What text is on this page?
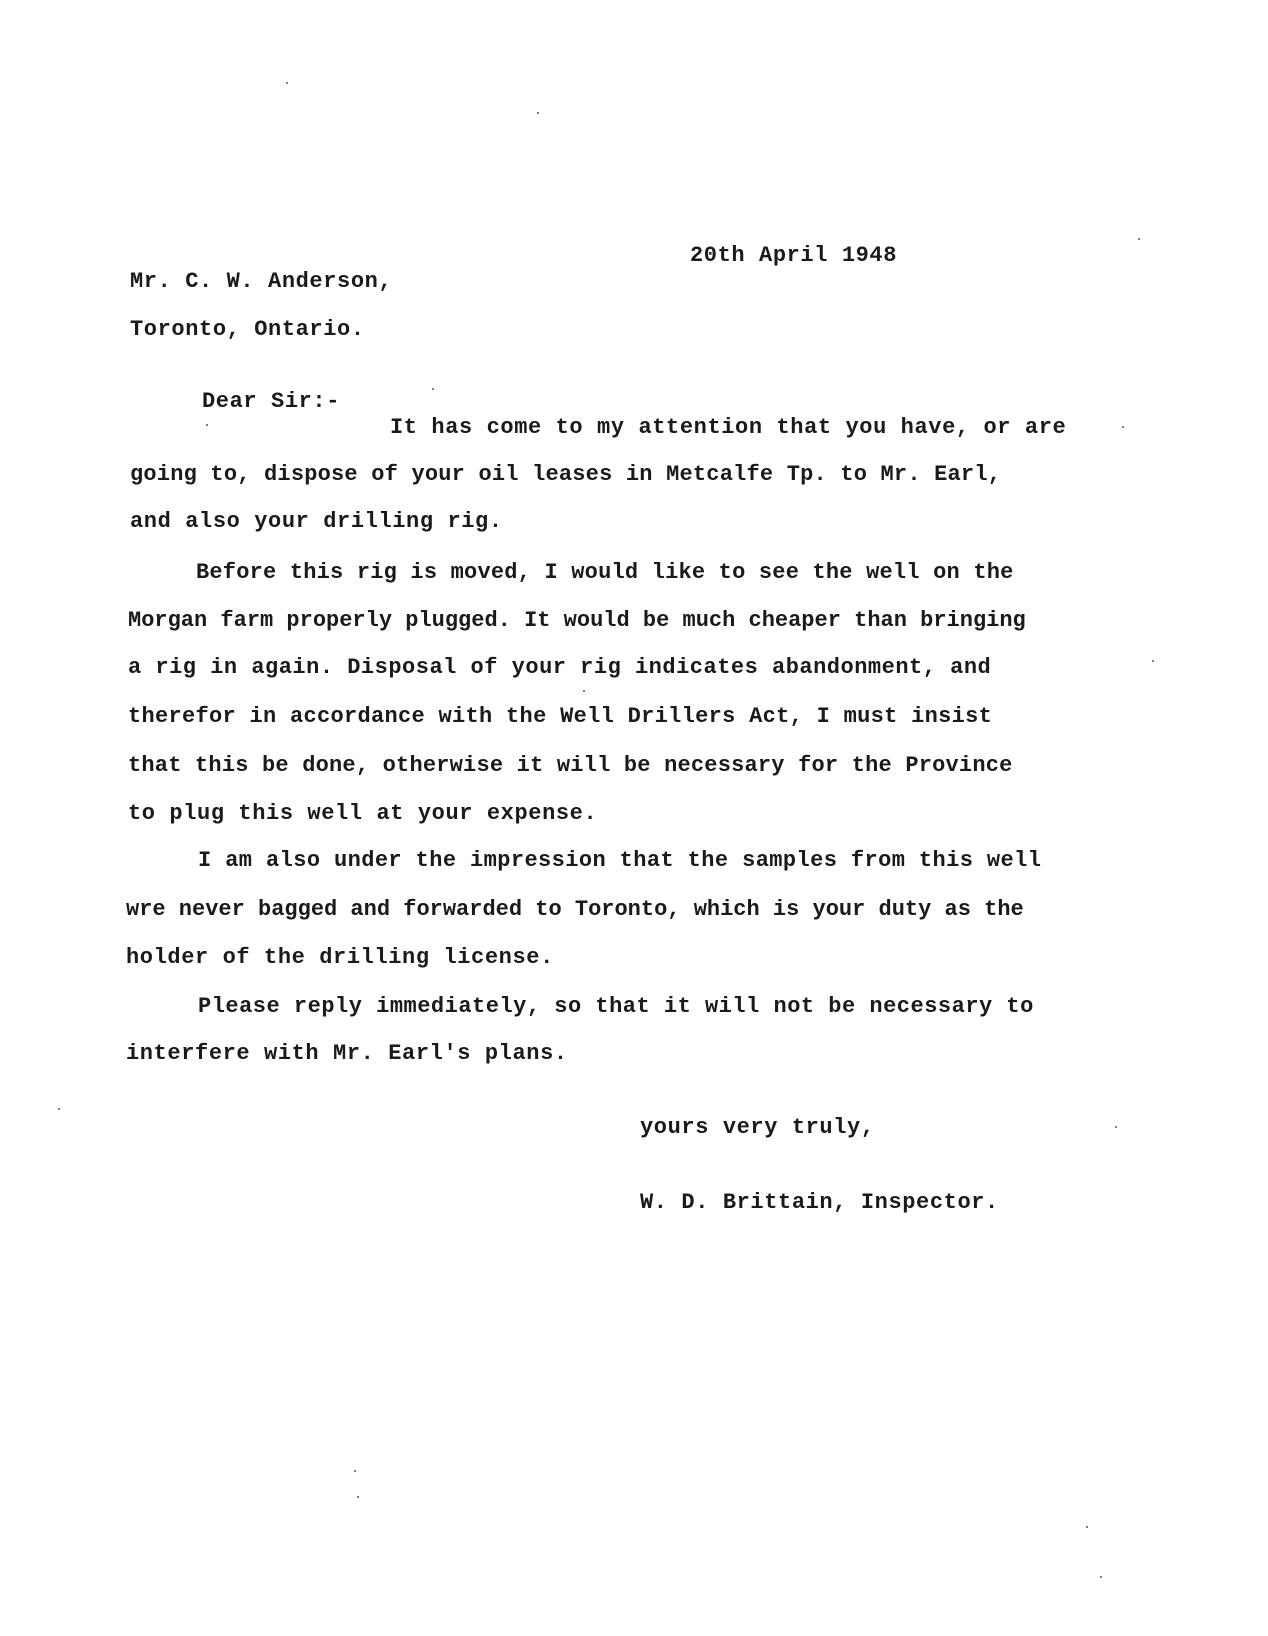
20th April 1948
Mr. C. W. Anderson,
Toronto, Ontario.
Dear Sir:-
It has come to my attention that you have, or are
going to, dispose of your oil leases in Metcalfe Tp. to Mr. Earl,
and also your drilling rig.
Before this rig is moved, I would like to see the well on the
Morgan farm properly plugged. It would be much cheaper than bringing
a rig in again. Disposal of your rig indicates abandonment, and
therefor in accordance with the Well Drillers Act, I must insist
that this be done, otherwise it will be necessary for the Province
to plug this well at your expense.
I am also under the impression that the samples from this well
wre never bagged and forwarded to Toronto, which is your duty as the
holder of the drilling license.
Please reply immediately, so that it will not be necessary to
interfere with Mr. Earl's plans.
yours very truly,
W. D. Brittain, Inspector.
